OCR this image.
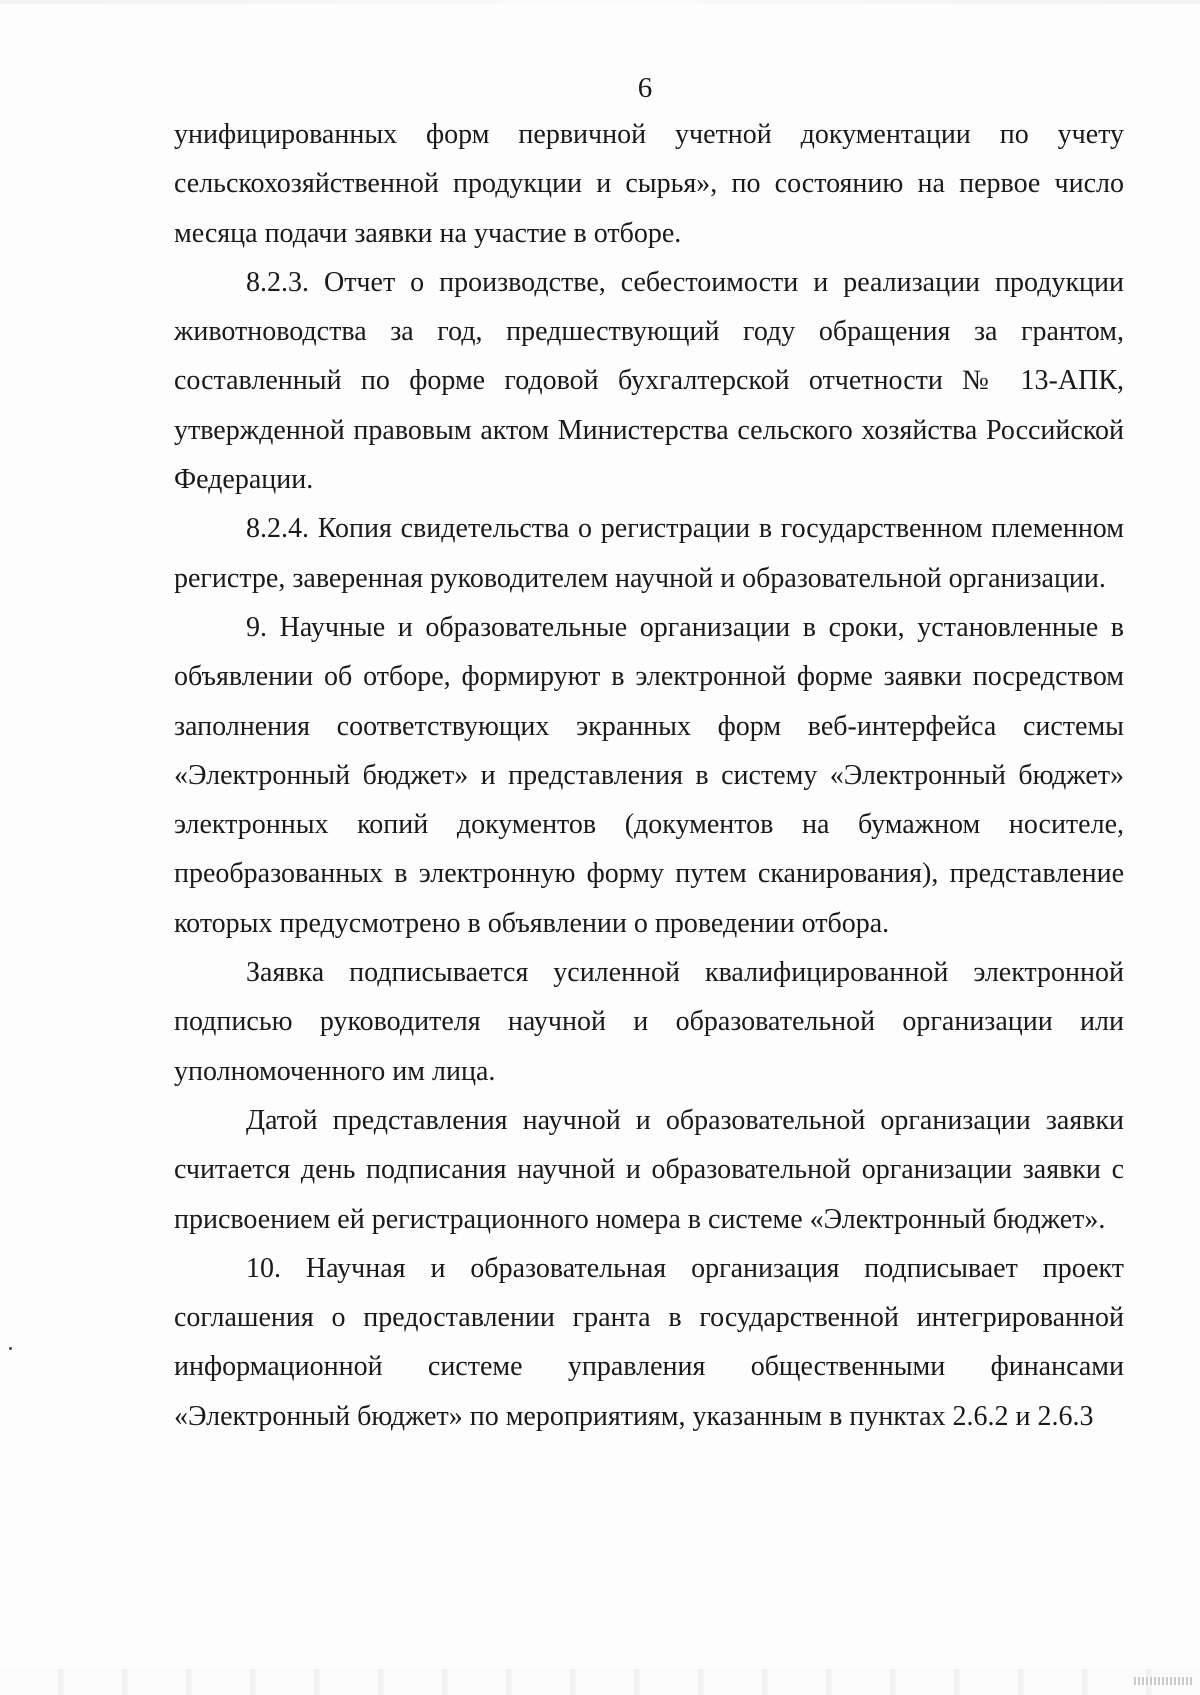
6

унифицированных форм первичной учетной документации по учету сельскохозяйственной продукции и сырья», по состоянию на первое число месяца подачи заявки на участие в отборе.

8.2.3. Отчет о производстве, себестоимости и реализации продукции животноводства за год, предшествующий году обращения за грантом, составленный по форме годовой бухгалтерской отчетности № 13-АПК, утвержденной правовым актом Министерства сельского хозяйства Российской Федерации.

8.2.4. Копия свидетельства о регистрации в государственном племенном регистре, заверенная руководителем научной и образовательной организации.

9. Научные и образовательные организации в сроки, установленные в объявлении об отборе, формируют в электронной форме заявки посредством заполнения соответствующих экранных форм веб-интерфейса системы «Электронный бюджет» и представления в систему «Электронный бюджет» электронных копий документов (документов на бумажном носителе, преобразованных в электронную форму путем сканирования), представление которых предусмотрено в объявлении о проведении отбора.

Заявка подписывается усиленной квалифицированной электронной подписью руководителя научной и образовательной организации или уполномоченного им лица.

Датой представления научной и образовательной организации заявки считается день подписания научной и образовательной организации заявки с присвоением ей регистрационного номера в системе «Электронный бюджет».

10. Научная и образовательная организация подписывает проект соглашения о предоставлении гранта в государственной интегрированной информационной системе управления общественными финансами «Электронный бюджет» по мероприятиям, указанным в пунктах 2.6.2 и 2.6.3
